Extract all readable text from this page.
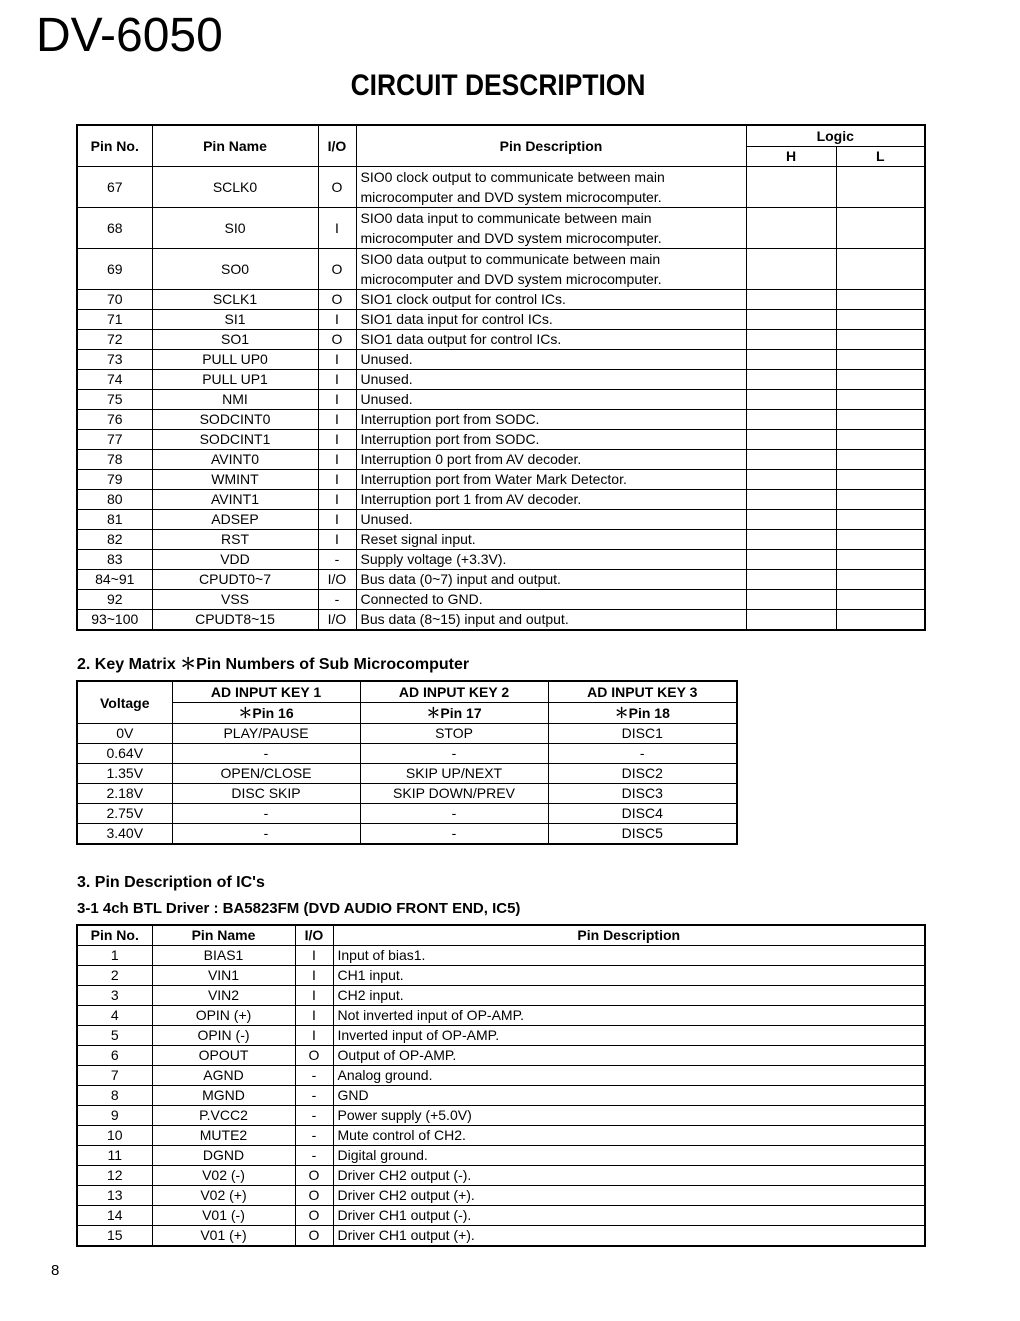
DV-6050
CIRCUIT DESCRIPTION
Pin No.	Pin Name	I/O	Pin Description	Logic	
				H	L
67	SCLK0	O	SIO0 clock output to communicate between main microcomputer and DVD system microcomputer.		
68	SI0	I	SIO0 data input to communicate between main microcomputer and DVD system microcomputer.		
69	SO0	O	SIO0 data output to communicate between main microcomputer and DVD system microcomputer.		
70	SCLK1	O	SIO1 clock output for control ICs.		
71	SI1	I	SIO1 data input for control ICs.		
72	SO1	O	SIO1 data output for control ICs.		
73	PULL UP0	I	Unused.		
74	PULL UP1	I	Unused.		
75	NMI	I	Unused.		
76	SODCINT0	I	Interruption port from SODC.		
77	SODCINT1	I	Interruption port from SODC.		
78	AVINT0	I	Interruption 0 port from AV decoder.		
79	WMINT	I	Interruption port from Water Mark Detector.		
80	AVINT1	I	Interruption port 1 from AV decoder.		
81	ADSEP	I	Unused.		
82	RST	I	Reset signal input.		
83	VDD	-	Supply voltage (+3.3V).		
84~91	CPUDT0~7	I/O	Bus data (0~7) input and output.		
92	VSS	-	Connected to GND.		
93~100	CPUDT8~15	I/O	Bus data (8~15) input and output.		
2. Key Matrix ＊Pin Numbers of Sub Microcomputer
Voltage	AD INPUT KEY 1	AD INPUT KEY 2	AD INPUT KEY 3
	＊Pin 16	＊Pin 17	＊Pin 18
0V	PLAY/PAUSE	STOP	DISC1
0.64V	-	-	-
1.35V	OPEN/CLOSE	SKIP UP/NEXT	DISC2
2.18V	DISC SKIP	SKIP DOWN/PREV	DISC3
2.75V	-	-	DISC4
3.40V	-	-	DISC5
3. Pin Description of IC's
3-1 4ch BTL Driver : BA5823FM (DVD AUDIO FRONT END, IC5)
Pin No.	Pin Name	I/O	Pin Description
1	BIAS1	I	Input of bias1.
2	VIN1	I	CH1 input.
3	VIN2	I	CH2 input.
4	OPIN (+)	I	Not inverted input of OP-AMP.
5	OPIN (-)	I	Inverted input of OP-AMP.
6	OPOUT	O	Output of OP-AMP.
7	AGND	-	Analog ground.
8	MGND	-	GND
9	P.VCC2	-	Power supply (+5.0V)
10	MUTE2	-	Mute control of CH2.
11	DGND	-	Digital ground.
12	V02 (-)	O	Driver CH2 output (-).
13	V02 (+)	O	Driver CH2 output (+).
14	V01 (-)	O	Driver CH1 output (-).
15	V01 (+)	O	Driver CH1 output (+).
8
